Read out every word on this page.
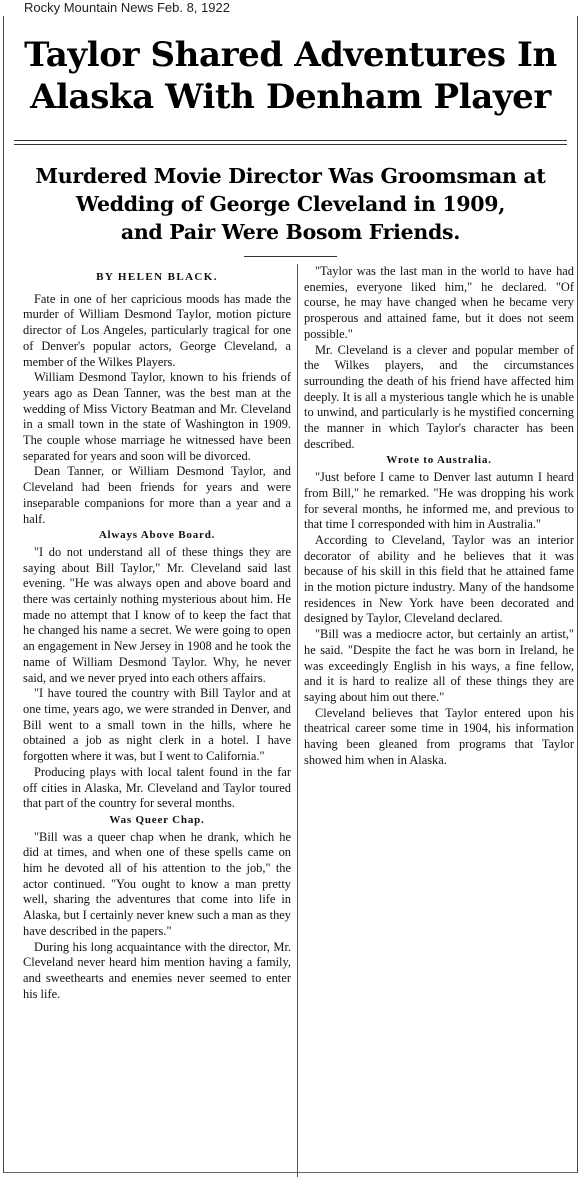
Rocky Mountain News Feb. 8, 1922
Taylor Shared Adventures In
Alaska With Denham Player
Murdered Movie Director Was Groomsman at
Wedding of George Cleveland in 1909,
and Pair Were Bosom Friends.
BY HELEN BLACK.

Fate in one of her capricious moods has made the murder of William Desmond Taylor, motion picture director of Los Angeles, particularly tragical for one of Denver's popular actors, George Cleveland, a member of the Wilkes Players.

William Desmond Taylor, known to his friends of years ago as Dean Tanner, was the best man at the wedding of Miss Victory Beatman and Mr. Cleveland in a small town in the state of Washington in 1909. The couple whose marriage he witnessed have been separated for years and soon will be divorced.

Dean Tanner, or William Desmond Taylor, and Cleveland had been friends for years and were inseparable companions for more than a year and a half.

Always Above Board.

"I do not understand all of these things they are saying about Bill Taylor," Mr. Cleveland said last evening. "He was always open and above board and there was certainly nothing mysterious about him. He made no attempt that I know of to keep the fact that he changed his name a secret. We were going to open an engagement in New Jersey in 1908 and he took the name of William Desmond Taylor. Why, he never said, and we never pryed into each others affairs.

"I have toured the country with Bill Taylor and at one time, years ago, we were stranded in Denver, and Bill went to a small town in the hills, where he obtained a job as night clerk in a hotel. I have forgotten where it was, but I went to California."

Producing plays with local talent found in the far off cities in Alaska, Mr. Cleveland and Taylor toured that part of the country for several months.

Was Queer Chap.

"Bill was a queer chap when he drank, which he did at times, and when one of these spells came on him he devoted all of his attention to the job," the actor continued. "You ought to know a man pretty well, sharing the adventures that come into life in Alaska, but I certainly never knew such a man as they have described in the papers."

During his long acquaintance with the director, Mr. Cleveland never heard him mention having a family, and sweethearts and enemies never seemed to enter his life.

"Taylor was the last man in the world to have had enemies, everyone liked him," he declared. "Of course, he may have changed when he became very prosperous and attained fame, but it does not seem possible."

Mr. Cleveland is a clever and popular member of the Wilkes players, and the circumstances surrounding the death of his friend have affected him deeply. It is all a mysterious tangle which he is unable to unwind, and particularly is he mystified concerning the manner in which Taylor's character has been described.

Wrote to Australia.

"Just before I came to Denver last autumn I heard from Bill," he remarked. "He was dropping his work for several months, he informed me, and previous to that time I corresponded with him in Australia."

According to Cleveland, Taylor was an interior decorator of ability and he believes that it was because of his skill in this field that he attained fame in the motion picture industry. Many of the handsome residences in New York have been decorated and designed by Taylor, Cleveland declared.

"Bill was a mediocre actor, but certainly an artist," he said. "Despite the fact he was born in Ireland, he was exceedingly English in his ways, a fine fellow, and it is hard to realize all of these things they are saying about him out there."

Cleveland believes that Taylor entered upon his theatrical career some time in 1904, his information having been gleaned from programs that Taylor showed him when in Alaska.
